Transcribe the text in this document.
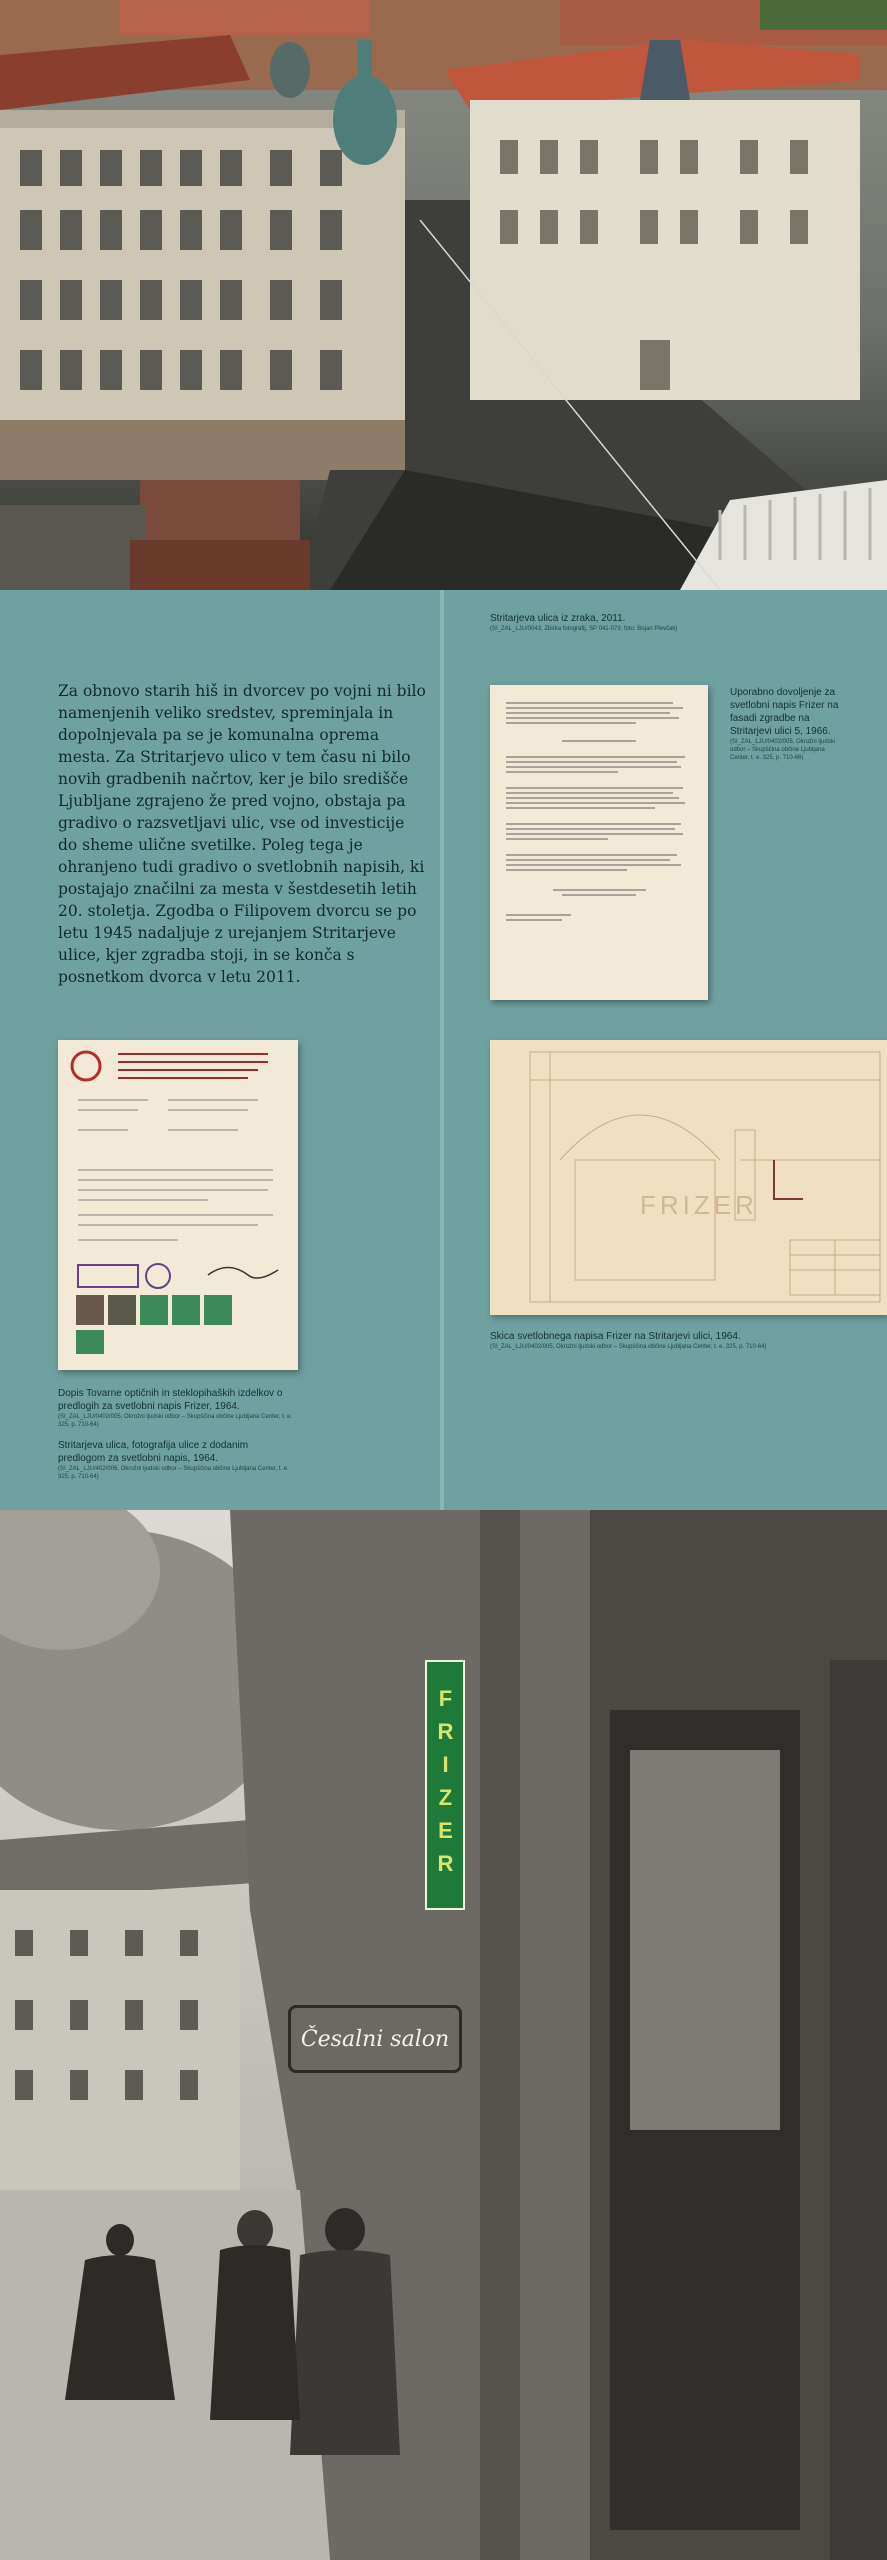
Stritarjeva ulica iz zraka, 2011.
(SI_ZAL_LJU/0043, Zbirka fotografij, SP 041-073; foto: Bojan Plevčak)
Za obnovo starih hiš in dvorcev po vojni ni bilo namenjenih veliko sredstev, spreminjala in dopolnjevala pa se je komunalna oprema mesta. Za Stritarjevo ulico v tem času ni bilo novih gradbenih načrtov, ker je bilo središče Ljubljane zgrajeno že pred vojno, obstaja pa gradivo o razsvetljavi ulic, vse od investicije do sheme ulične svetilke. Poleg tega je ohranjeno tudi gradivo o svetlobnih napisih, ki postajajo značilni za mesta v šestdesetih letih 20. stoletja. Zgodba o Filipovem dvorcu se po letu 1945 nadaljuje z urejanjem Stritarjeve ulice, kjer zgradba stoji, in se konča s posnetkom dvorca v letu 2011.
Uporabno dovoljenje za svetlobni napis Frizer na fasadi zgradbe na Stritarjevi ulici 5, 1966.
(SI_ZAL_LJU/0402/005, Okrožni ljudski odbor – Skupščina občine Ljubljana Center, t. e. 325, p. 710-66)
Dopis Tovarne optičnih in steklopihaških izdelkov o predlogih za svetlobni napis Frizer, 1964.
(SI_ZAL_LJU/0402/005, Okrožni ljudski odbor – Skupščina občine Ljubljana Center, t. e. 325, p. 710-64)
Stritarjeva ulica, fotografija ulice z dodanim predlogom za svetlobni napis, 1964.
(SI_ZAL_LJU/402/006, Okrožni ljudski odbor – Skupščina občine Ljubljana Center, t. e. 325, p. 710-64)
FRIZER
Skica svetlobnega napisa Frizer na Stritarjevi ulici, 1964.
(SI_ZAL_LJU/0402/005, Okrožni ljudski odbor – Skupščina občine Ljubljana Center, t. e. 325, p. 710-64)
FRIZER
Česalni salon
